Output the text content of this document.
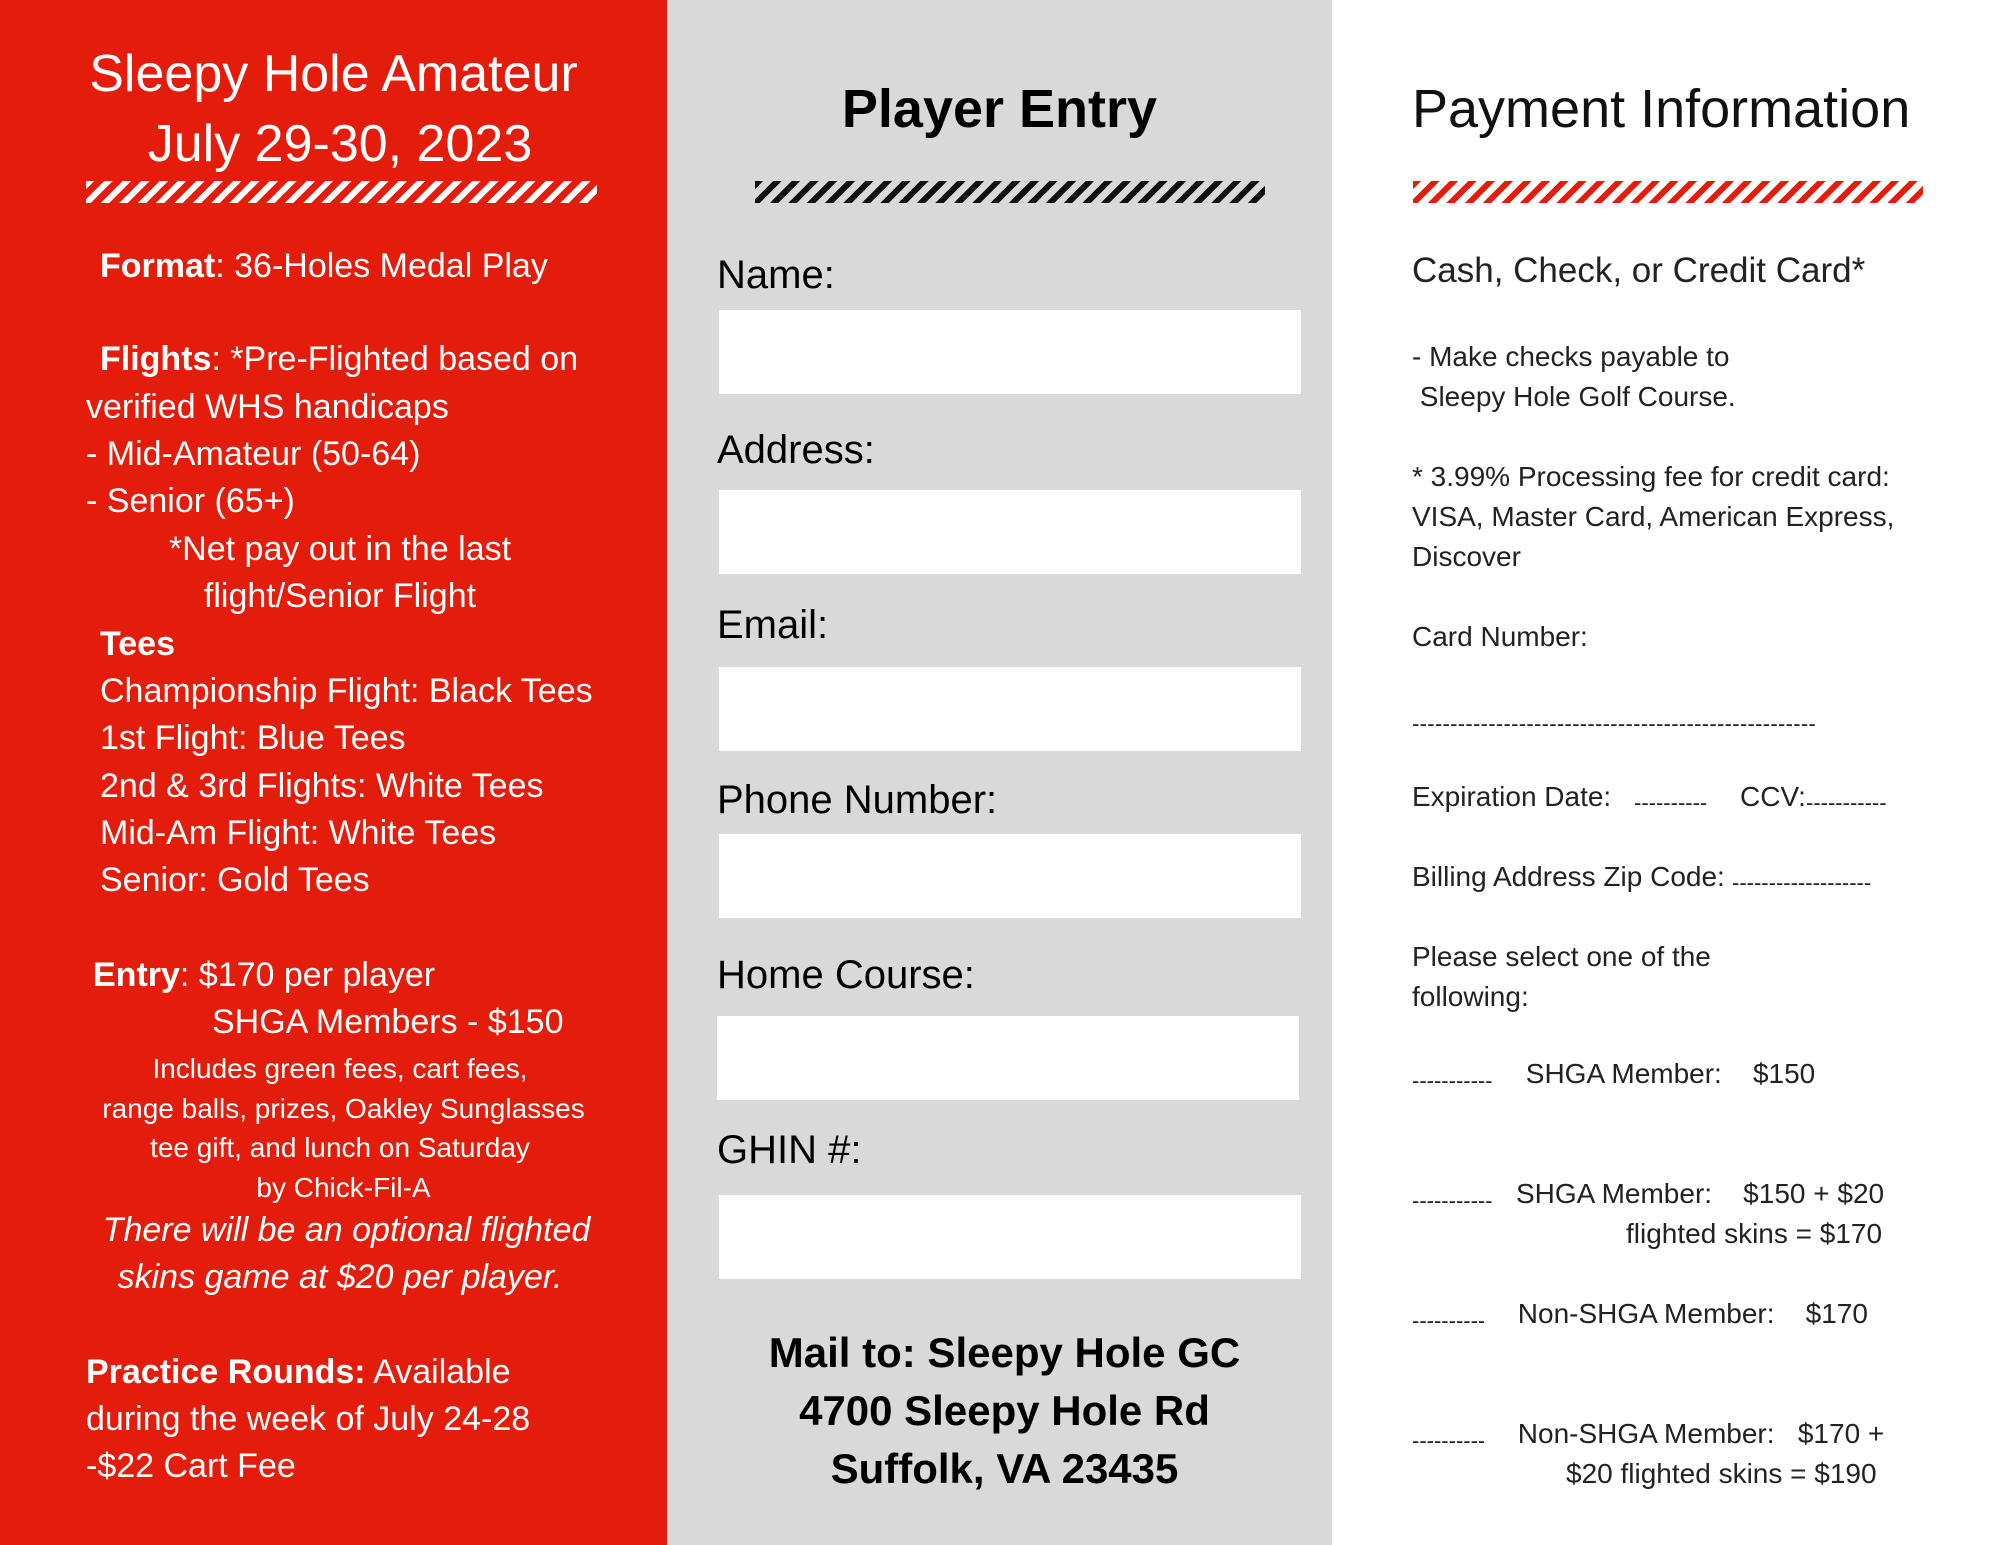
Sleepy Hole Amateur
July 29-30, 2023
Format: 36-Holes Medal Play
Flights: *Pre-Flighted based on
verified WHS handicaps
- Mid-Amateur (50-64)
- Senior (65+)
*Net pay out in the last
flight/Senior Flight
Tees
Championship Flight: Black Tees
1st Flight: Blue Tees
2nd & 3rd Flights: White Tees
Mid-Am Flight: White Tees
Senior: Gold Tees
Entry: $170 per player
SHGA Members - $150
Includes green fees, cart fees,
range balls, prizes, Oakley Sunglasses
tee gift, and lunch on Saturday
by Chick-Fil-A
There will be an optional flighted
skins game at $20 per player.
Practice Rounds: Available
during the week of July 24-28
-$22 Cart Fee
Player Entry
Name:
Address:
Email:
Phone Number:
Home Course:
GHIN #:
Mail to: Sleepy Hole GC
4700 Sleepy Hole Rd
Suffolk, VA 23435
Payment Information
Cash, Check, or Credit Card*
- Make checks payable to
Sleepy Hole Golf Course.
* 3.99% Processing fee for credit card:
VISA, Master Card, American Express,
Discover
Card Number:
-----------------------------------------------------
Expiration Date: ---------- CCV: -----------
Billing Address Zip Code: -------------------
Please select one of the
following:
----------- SHGA Member:    $150
----------- SHGA Member:    $150 + $20
flighted skins = $170
---------- Non-SHGA Member:    $170
---------- Non-SHGA Member:   $170 +
$20 flighted skins = $190
